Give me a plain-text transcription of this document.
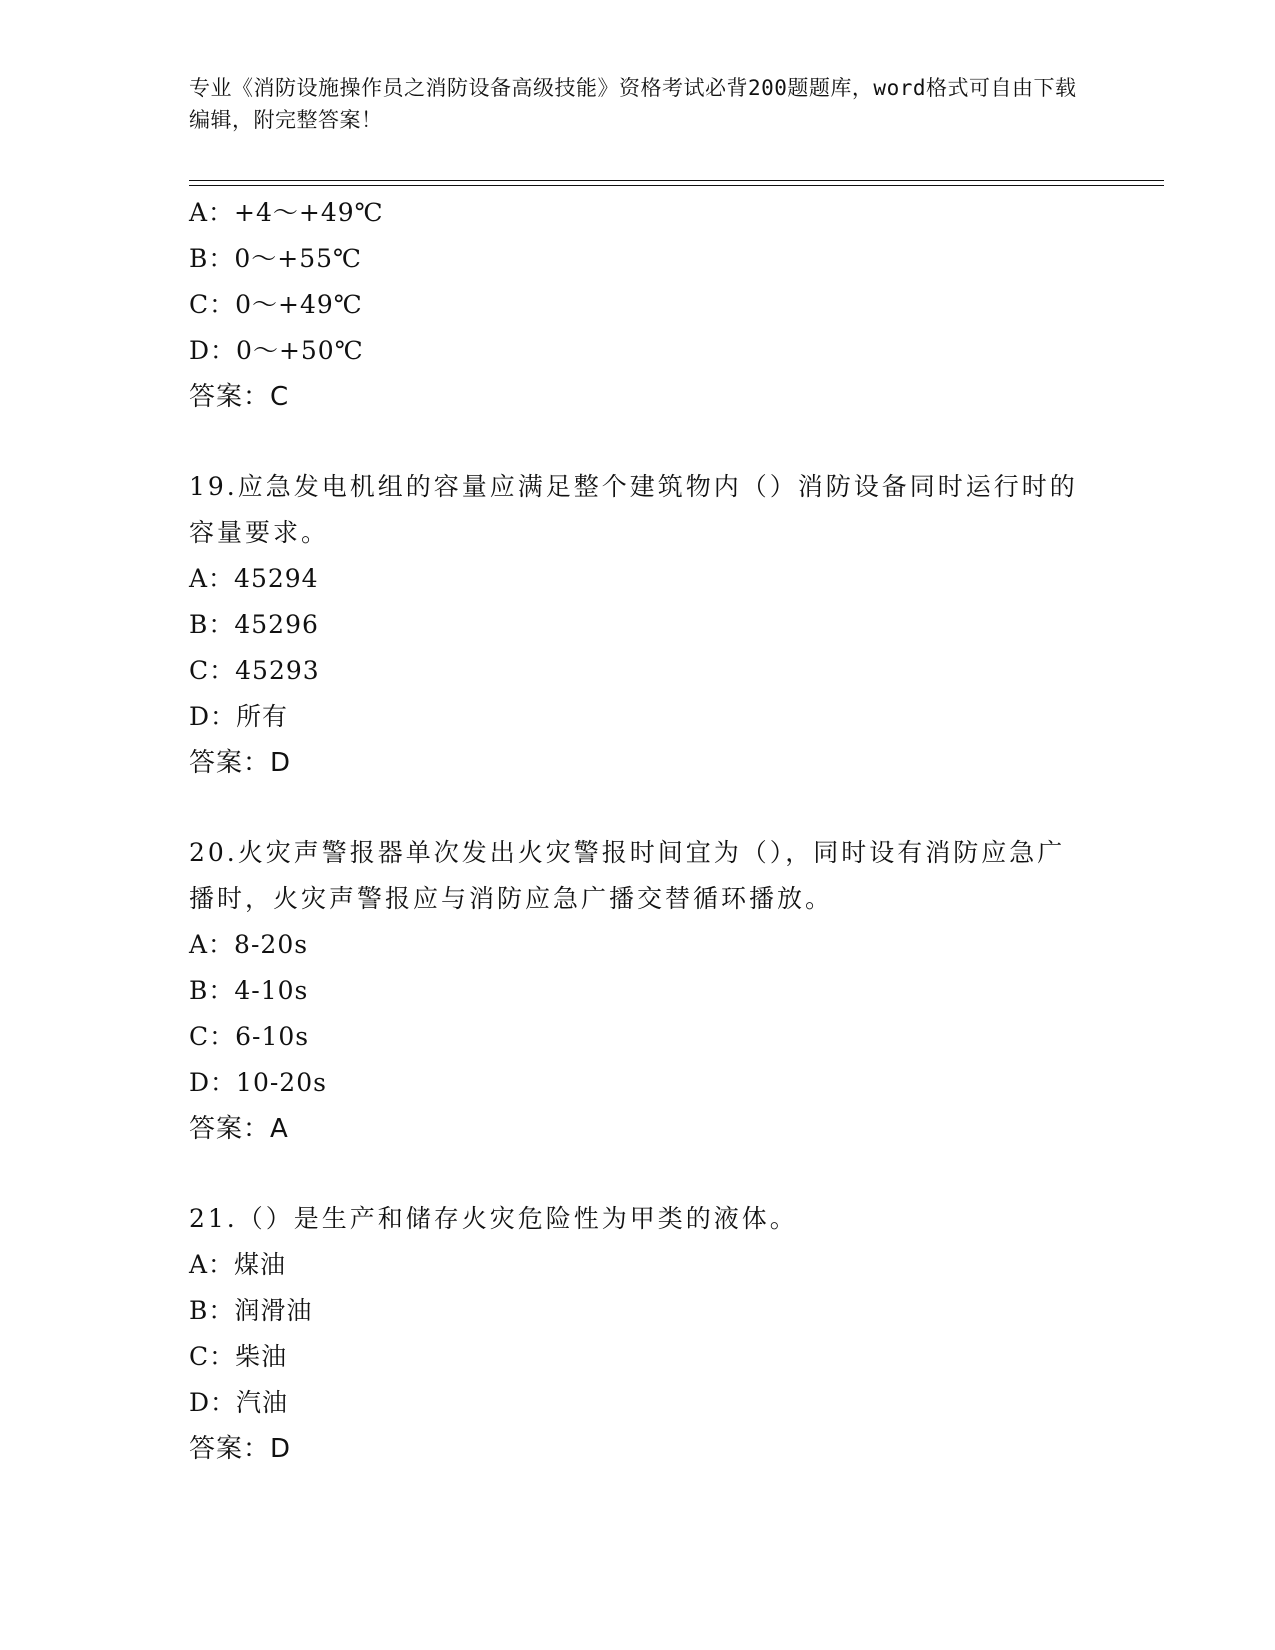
专业《消防设施操作员之消防设备高级技能》资格考试必背200题题库，word格式可自由下载编辑，附完整答案！
A：+4～+49℃
B：0～+55℃
C：0～+49℃
D：0～+50℃
答案：C
19.应急发电机组的容量应满足整个建筑物内（）消防设备同时运行时的容量要求。
A：45294
B：45296
C：45293
D：所有
答案：D
20.火灾声警报器单次发出火灾警报时间宜为（），同时设有消防应急广播时，火灾声警报应与消防应急广播交替循环播放。
A：8-20s
B：4-10s
C：6-10s
D：10-20s
答案：A
21.（）是生产和储存火灾危险性为甲类的液体。
A：煤油
B：润滑油
C：柴油
D：汽油
答案：D
